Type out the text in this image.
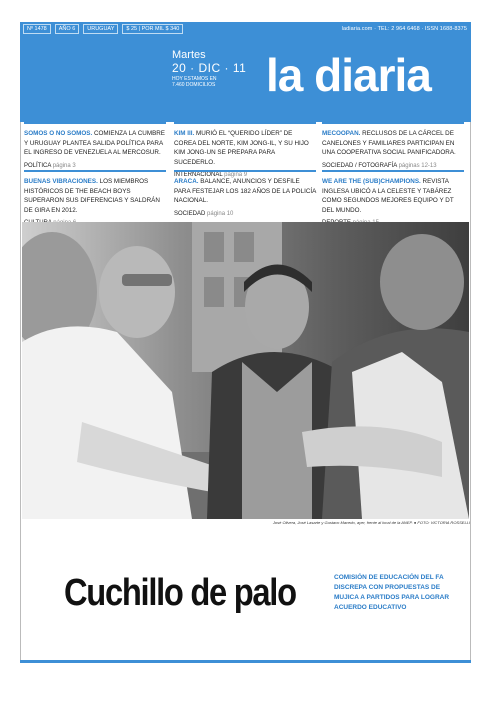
Nº 1478	AÑO 6	URUGUAY	$ 25 | POR MIL $ 340	ladiaria.com · TEL: 2 964 6468 · ISSN 1688-8375
Martes
20 · DIC · 11
HOY ESTAMOS EN
7.460 DOMICILIOS	la diaria
SOMOS O NO SOMOS. COMIENZA LA CUMBRE Y URUGUAY PLANTEA SALIDA POLÍTICA PARA EL INGRESO DE VENEZUELA AL MERCOSUR.
POLÍTICA página 3
KIM III. MURIÓ EL “QUERIDO LÍDER” DE COREA DEL NORTE, KIM JONG-IL, Y SU HIJO KIM JONG-UN SE PREPARA PARA SUCEDERLO.
INTERNACIONAL página 9
MECOOPAN. RECLUSOS DE LA CÁRCEL DE CANELONES Y FAMILIARES PARTICIPAN EN UNA COOPERATIVA SOCIAL PANIFICADORA.
SOCIEDAD / FOTOGRAFÍA páginas 12-13
BUENAS VIBRACIONES. LOS MIEMBROS HISTÓRICOS DE THE BEACH BOYS SUPERARON SUS DIFERENCIAS Y SALDRÁN DE GIRA EN 2012.
ARACA. BALANCE, ANUNCIOS Y DESFILE PARA FESTEJAR LOS 182 AÑOS DE LA POLICÍA NACIONAL.
SOCIEDAD página 10
WE ARE THE (SUB)CHAMPIONS. REVISTA INGLESA UBICÓ A LA CELESTE Y TABÁREZ COMO SEGUNDOS MEJORES EQUIPO Y DT DEL MUNDO.
José Olivera, José Lasarte y Gustavo Macedo, ayer, frente al local de la ANEP. ● FOTO: VICTORIA ROSSELLI
Cuchillo de palo	COMISIÓN DE EDUCACIÓN DEL FA DISCREPA CON PROPUESTAS DE MUJICA A PARTIDOS PARA LOGRAR ACUERDO EDUCATIVO
